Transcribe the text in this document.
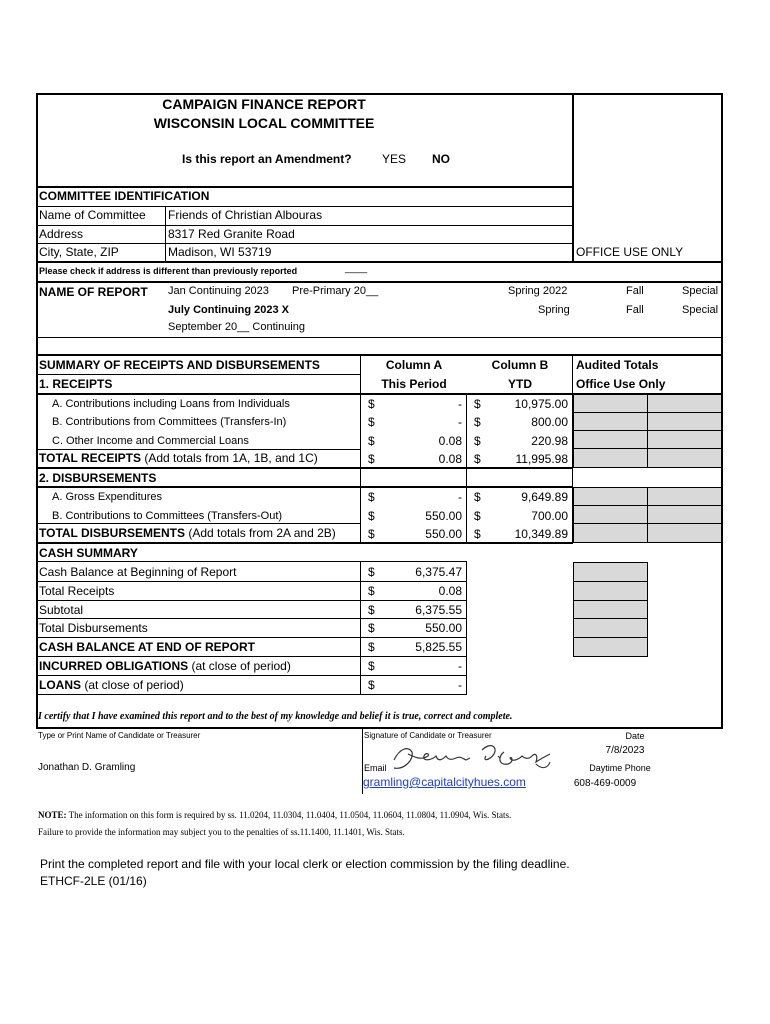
CAMPAIGN FINANCE REPORT
WISCONSIN LOCAL COMMITTEE
Is this report an Amendment?	YES NO
COMMITTEE IDENTIFICATION
Name of Committee Friends of Christian Albouras
Address	8317 Red Granite Road
City, State, ZIP	Madison, WI 53719	OFFICE USE ONLY
Please check if address is different than previously reported	____
NAME OF REPORT Jan Continuing 2023 Pre-Primary 20__	Spring 2022	Fall	Special
July Continuing 2023 X	Spring	Fall	Special
September 20__ Continuing
SUMMARY OF RECEIPTS AND DISBURSEMENTS
1. RECEIPTS
Column A
This Period
Column B
YTD
Audited Totals
Office Use Only
A. Contributions including Loans from Individuals	$	- $	10,975.00
B. Contributions from Committees (Transfers-In)	$	- $	800.00
C. Other Income and Commercial Loans	$	0.08 $	220.98
TOTAL RECEIPTS (Add totals from 1A, 1B, and 1C)	$	0.08 $	11,995.98
2. DISBURSEMENTS
A. Gross Expenditures	$	- $	9,649.89
B. Contributions to Committees (Transfers-Out)	$	550.00 $	700.00
TOTAL DISBURSEMENTS (Add totals from 2A and 2B)	$	550.00 $	10,349.89
CASH SUMMARY
Cash Balance at Beginning of Report	$	6,375.47
Total Receipts	$	0.08
Subtotal	$	6,375.55
Total Disbursements	$	550.00
CASH BALANCE AT END OF REPORT	$	5,825.55
INCURRED OBLIGATIONS (at close of period)	$	-
LOANS (at close of period)	$	-
I certify that I have examined this report and to the best of my knowledge and belief it is true, correct and complete.
Type or Print Name of Candidate or Treasurer
Jonathan D. Gramling
Signature of Candidate or Treasurer
Email
gramling@capitalcityhues.com
Date
7/8/2023
Daytime Phone
608-469-0009
NOTE: The information on this form is required by ss. 11.0204, 11.0304, 11.0404, 11.0504, 11.0604, 11.0804, 11.0904, Wis. Stats.
Failure to provide the information may subject you to the penalties of ss.11.1400, 11.1401, Wis. Stats.
Print the completed report and file with your local clerk or election commission by the filing deadline.
ETHCF-2LE (01/16)
